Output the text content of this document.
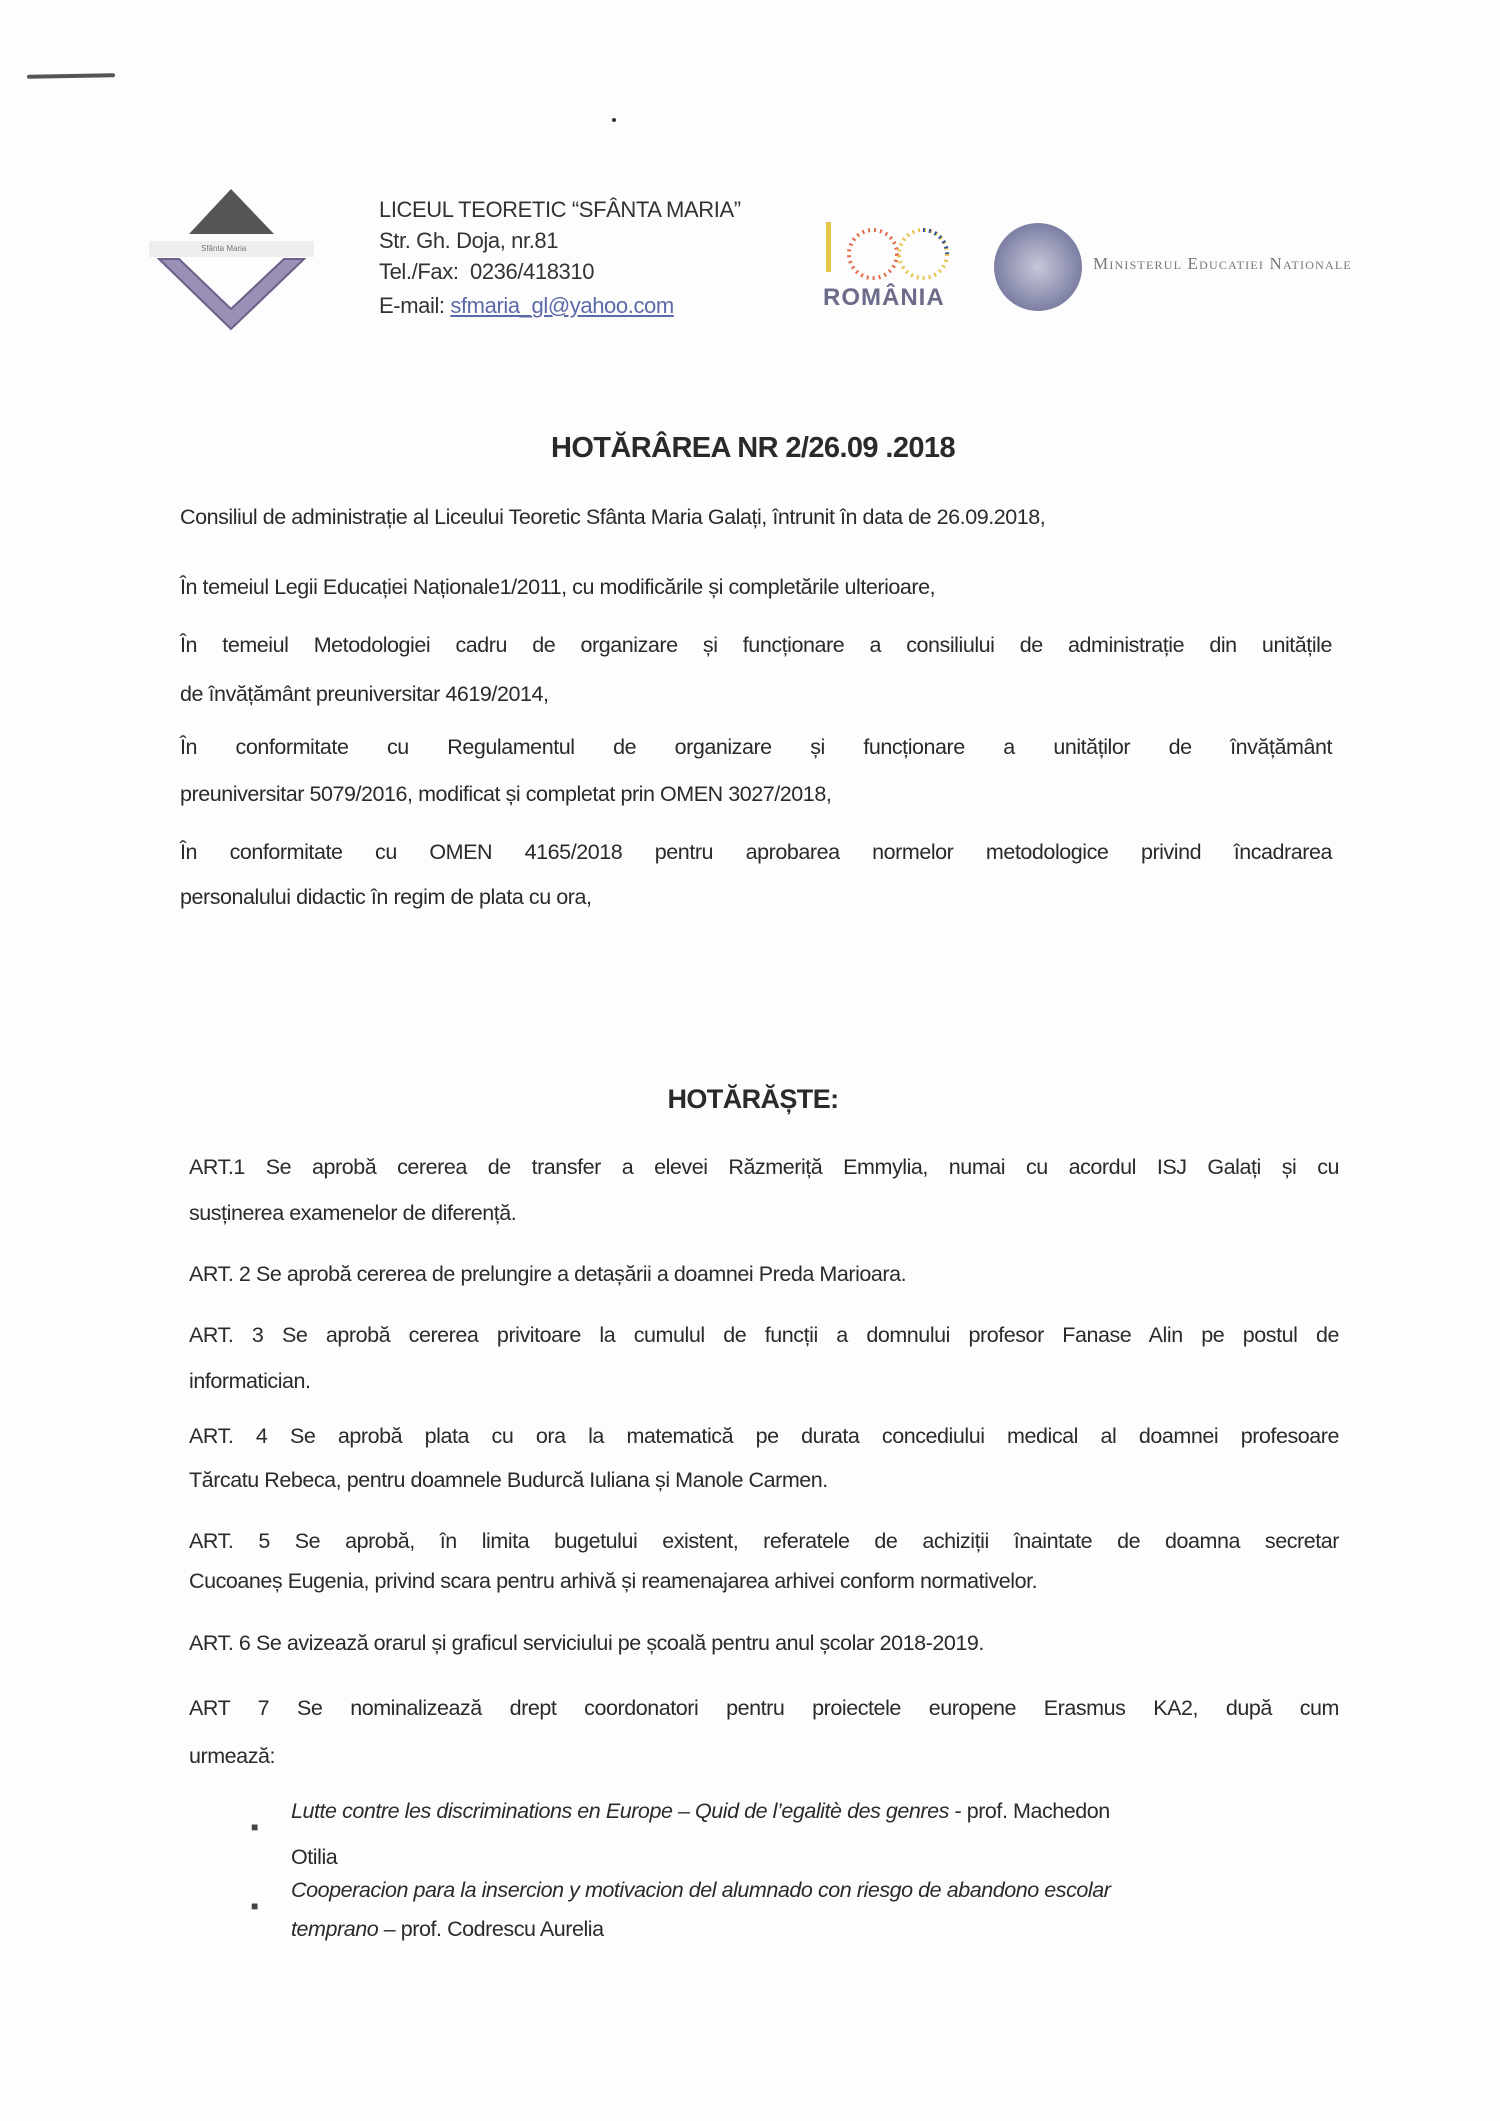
Sfânta Maria
LICEUL TEORETIC “SFÂNTA MARIA”
Str. Gh. Doja, nr.81
Tel./Fax: 0236/418310
E-mail: sfmaria_gl@yahoo.com	ROMÂNIA
Ministerul Educatiei Nationale
HOTĂRÂREA NR 2/26.09 .2018
Consiliul de administrație al Liceului Teoretic Sfânta Maria Galați, întrunit în data de 26.09.2018,
În temeiul Legii Educației Naționale1/2011, cu modificările și completările ulterioare,
În temeiul Metodologiei cadru de organizare și funcționare a consiliului de administrație din unitățile
de învățământ preuniversitar 4619/2014,
În conformitate cu Regulamentul de organizare și funcționare a unităților de învățământ
preuniversitar 5079/2016, modificat și completat prin OMEN 3027/2018,
În conformitate cu OMEN 4165/2018 pentru aprobarea normelor metodologice privind încadrarea
personalului didactic în regim de plata cu ora,
HOTĂRĂȘTE:
ART.1 Se aprobă cererea de transfer a elevei Răzmeriță Emmylia, numai cu acordul ISJ Galați și cu
susținerea examenelor de diferență.
ART. 2 Se aprobă cererea de prelungire a detașării a doamnei Preda Marioara.
ART. 3 Se aprobă cererea privitoare la cumulul de funcții a domnului profesor Fanase Alin pe postul de
informatician.
ART. 4 Se aprobă plata cu ora la matematică pe durata concediului medical al doamnei profesoare
Tărcatu Rebeca, pentru doamnele Budurcă Iuliana și Manole Carmen.
ART. 5 Se aprobă, în limita bugetului existent, referatele de achiziții înaintate de doamna secretar
Cucoaneș Eugenia, privind scara pentru arhivă și reamenajarea arhivei conform normativelor.
ART. 6 Se avizează orarul și graficul serviciului pe școală pentru anul școlar 2018-2019.
ART 7 Se nominalizează drept coordonatori pentru proiectele europene Erasmus KA2, după cum
urmează:
■
Lutte contre les discriminations en Europe – Quid de l’egalitè des genres - prof. Machedon
Otilia
■
Cooperacion para la insercion y motivacion del alumnado con riesgo de abandono escolar
temprano – prof. Codrescu Aurelia
